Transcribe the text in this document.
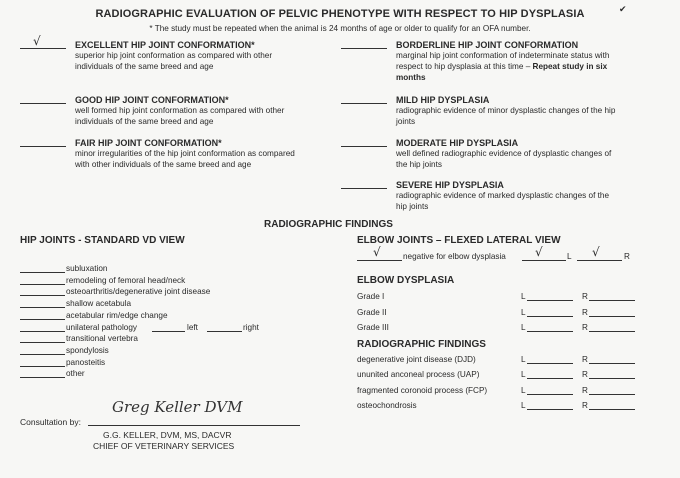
RADIOGRAPHIC EVALUATION OF PELVIC PHENOTYPE WITH RESPECT TO HIP DYSPLASIA
* The study must be repeated when the animal is 24 months of age or older to qualify for an OFA number.
✔
√	EXCELLENT HIP JOINT CONFORMATION*
superior hip joint conformation as compared with other
individuals of the same breed and age
GOOD HIP JOINT CONFORMATION*
well formed hip joint conformation as compared with other
individuals of the same breed and age
FAIR HIP JOINT CONFORMATION*
minor irregularities of the hip joint conformation as compared
with other individuals of the same breed and age
BORDERLINE HIP JOINT CONFORMATION
marginal hip joint conformation of indeterminate status with
respect to hip dysplasia at this time – Repeat study in six
months
MILD HIP DYSPLASIA
radiographic evidence of minor dysplastic changes of the hip
joints
MODERATE HIP DYSPLASIA
well defined radiographic evidence of dysplastic changes of
the hip joints
SEVERE HIP DYSPLASIA
radiographic evidence of marked dysplastic changes of the
hip joints
RADIOGRAPHIC FINDINGS
HIP JOINTS - STANDARD VD VIEW
subluxation
remodeling of femoral head/neck
osteoarthritis/degenerative joint disease
shallow acetabula
acetabular rim/edge change
unilateral pathology	left	right
transitional vertebra
spondylosis
panosteitis
other
ELBOW JOINTS – FLEXED LATERAL VIEW
√	negative for elbow dysplasia √	L √	R
ELBOW DYSPLASIA
Grade I	L	R
Grade II	L	R
Grade III	L	R
RADIOGRAPHIC FINDINGS
degenerative joint disease (DJD)	L	R
ununited anconeal process (UAP)	L	R
fragmented coronoid process (FCP)	L	R
osteochondrosis	L	R
Consultation by:
Greg Keller DVM
G.G. KELLER, DVM, MS, DACVR
CHIEF OF VETERINARY SERVICES
